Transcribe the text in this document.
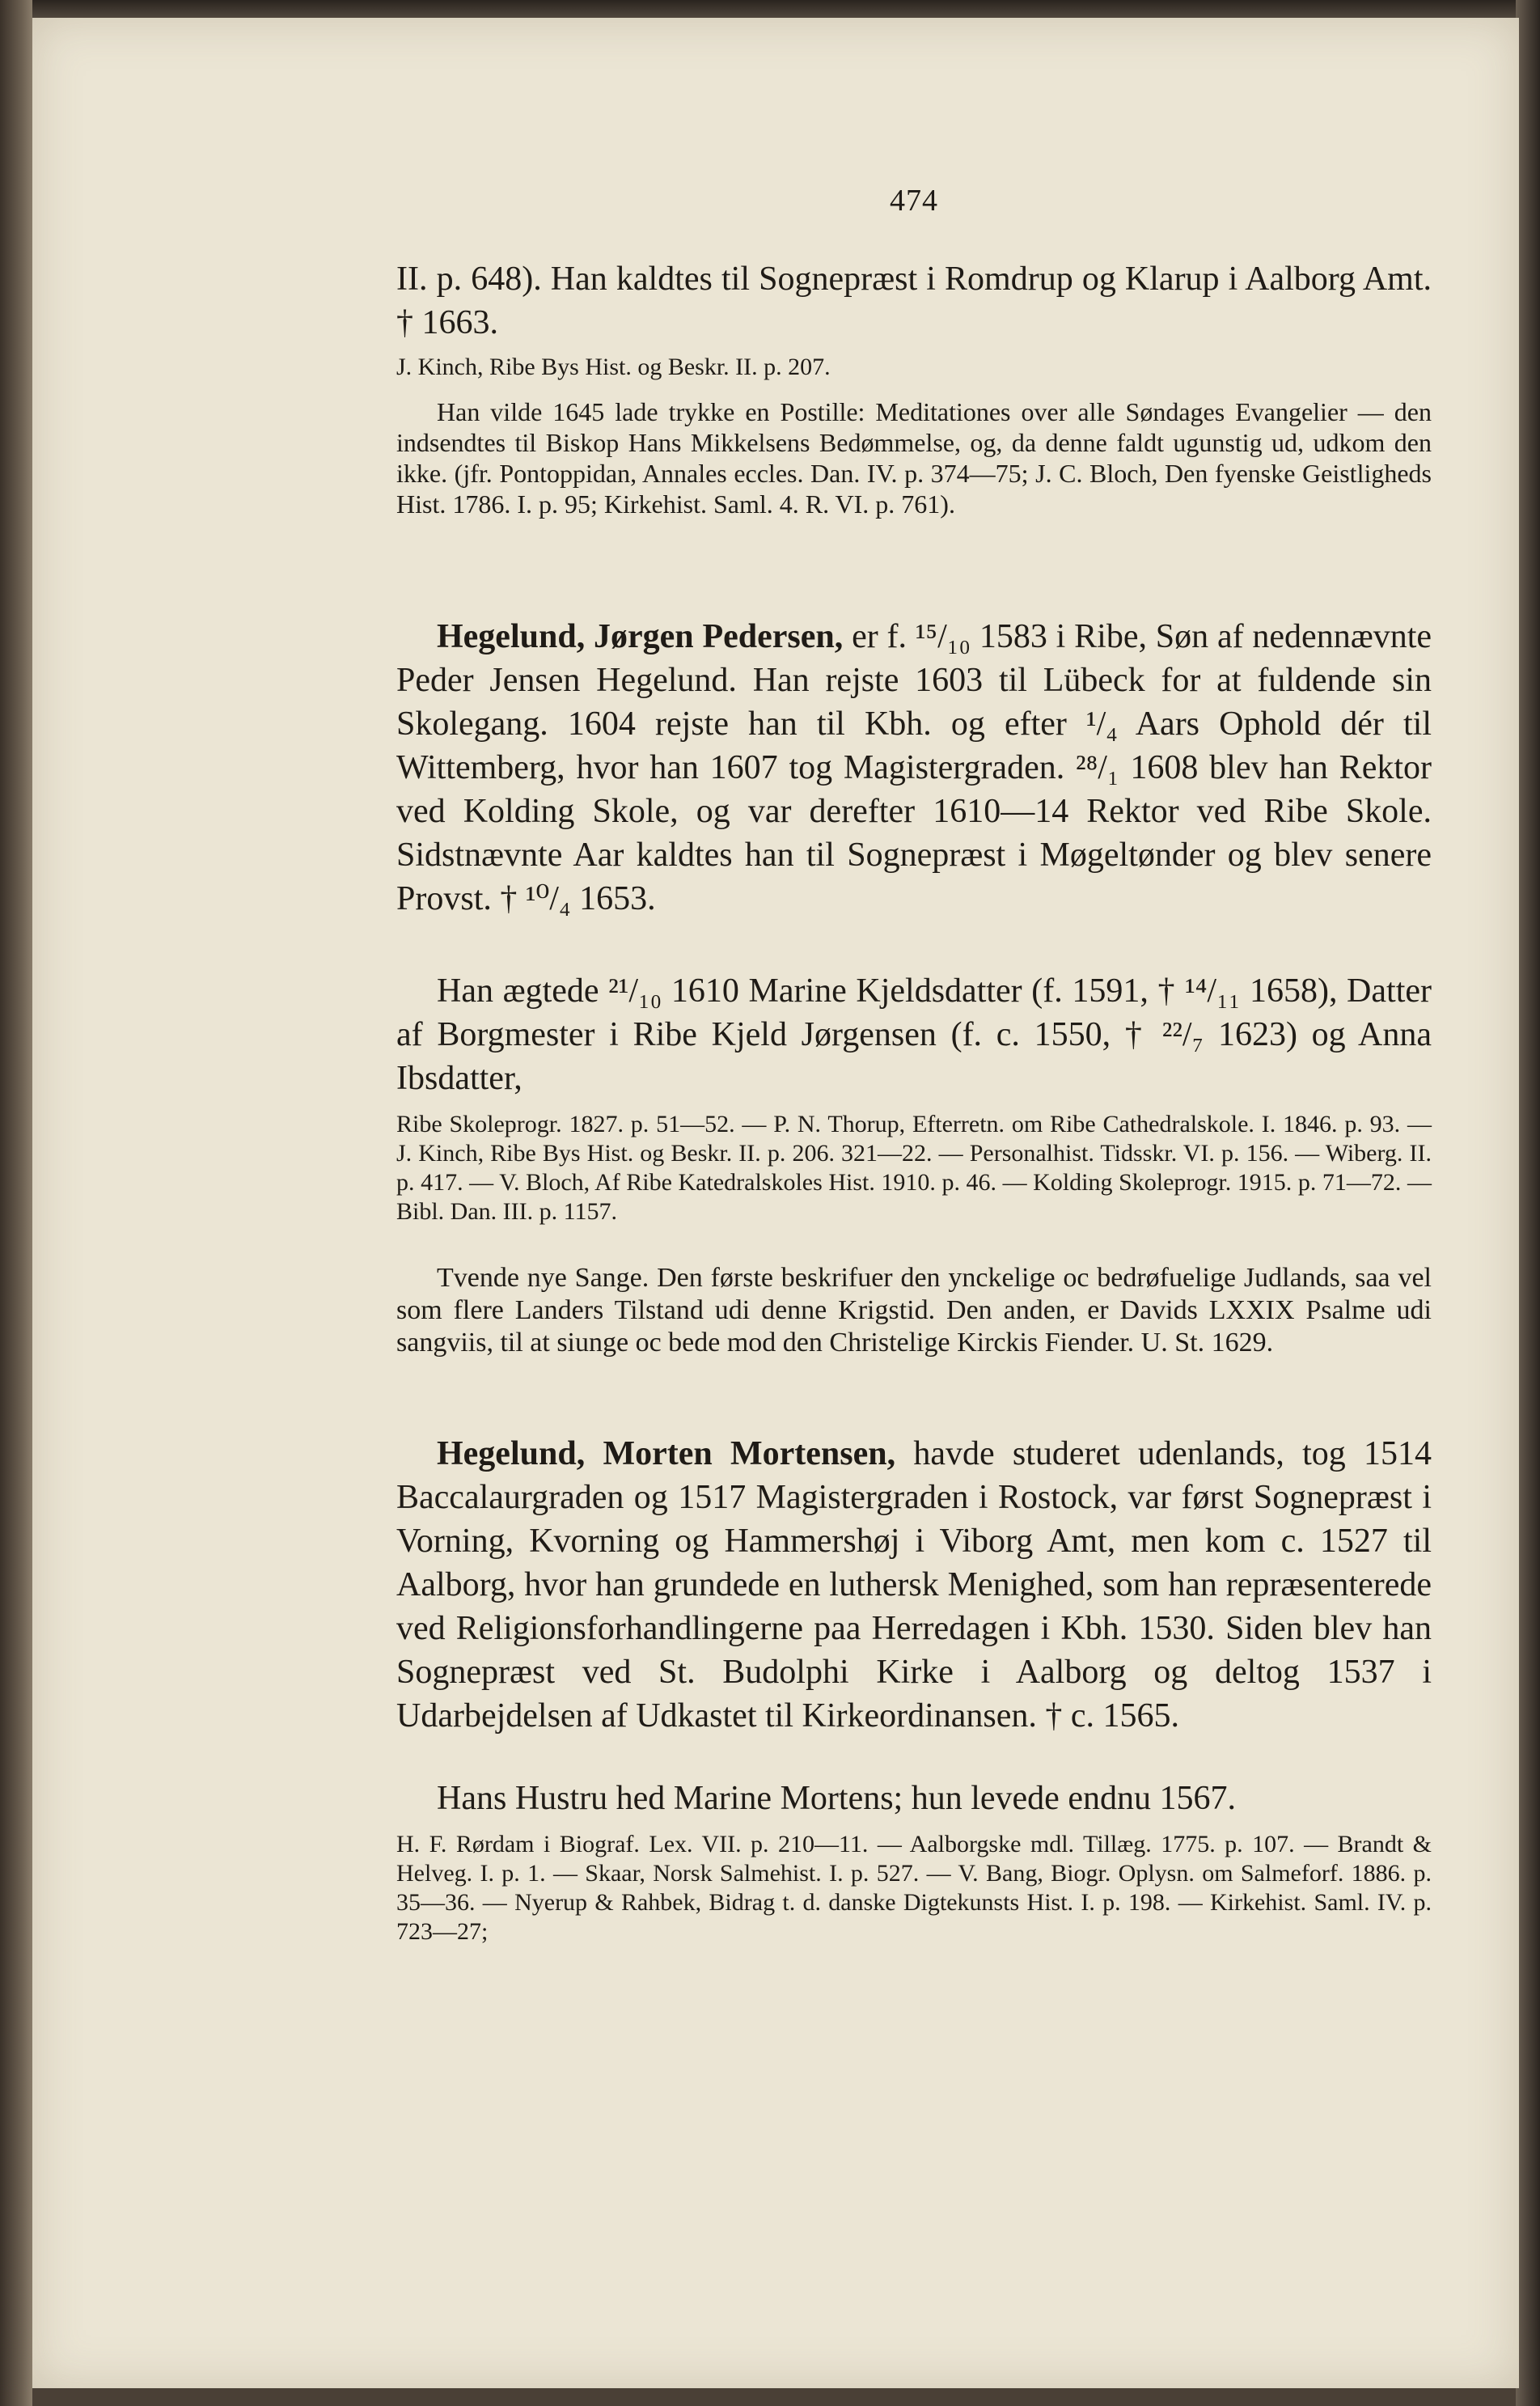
474

II. p. 648). Han kaldtes til Sognepræst i Romdrup og Klarup i Aalborg Amt. † 1663.

J. Kinch, Ribe Bys Hist. og Beskr. II. p. 207.

Han vilde 1645 lade trykke en Postille: Meditationes over alle Søndages Evangelier — den indsendtes til Biskop Hans Mikkelsens Bedømmelse, og, da denne faldt ugunstig ud, udkom den ikke. (jfr. Pontoppidan, Annales eccles. Dan. IV. p. 374—75; J. C. Bloch, Den fyenske Geistligheds Hist. 1786. I. p. 95; Kirkehist. Saml. 4. R. VI. p. 761).

Hegelund, Jørgen Pedersen, er f. ¹⁵/₁₀ 1583 i Ribe, Søn af nedennævnte Peder Jensen Hegelund. Han rejste 1603 til Lübeck for at fuldende sin Skolegang. 1604 rejste han til Kbh. og efter ¹/₄ Aars Ophold dér til Wittemberg, hvor han 1607 tog Magistergraden. ²⁸/₁ 1608 blev han Rektor ved Kolding Skole, og var derefter 1610—14 Rektor ved Ribe Skole. Sidstnævnte Aar kaldtes han til Sognepræst i Møgeltønder og blev senere Provst. † ¹⁰/₄ 1653.

Han ægtede ²¹/₁₀ 1610 Marine Kjeldsdatter (f. 1591, † ¹⁴/₁₁ 1658), Datter af Borgmester i Ribe Kjeld Jørgensen (f. c. 1550, † ²²/₇ 1623) og Anna Ibsdatter,

Ribe Skoleprogr. 1827. p. 51—52. — P. N. Thorup, Efterretn. om Ribe Cathedralskole. I. 1846. p. 93. — J. Kinch, Ribe Bys Hist. og Beskr. II. p. 206. 321—22. — Personalhist. Tidsskr. VI. p. 156. — Wiberg. II. p. 417. — V. Bloch, Af Ribe Katedralskoles Hist. 1910. p. 46. — Kolding Skoleprogr. 1915. p. 71—72. — Bibl. Dan. III. p. 1157.

Tvende nye Sange. Den første beskrifuer den ynckelige oc bedrøfuelige Judlands, saa vel som flere Landers Tilstand udi denne Krigstid. Den anden, er Davids LXXIX Psalme udi sangviis, til at siunge oc bede mod den Christelige Kirckis Fiender. U. St. 1629.

Hegelund, Morten Mortensen, havde studeret udenlands, tog 1514 Baccalaurgraden og 1517 Magistergraden i Rostock, var først Sognepræst i Vorning, Kvorning og Hammershøj i Viborg Amt, men kom c. 1527 til Aalborg, hvor han grundede en luthersk Menighed, som han repræsenterede ved Religionsforhandlingerne paa Herredagen i Kbh. 1530. Siden blev han Sognepræst ved St. Budolphi Kirke i Aalborg og deltog 1537 i Udarbejdelsen af Udkastet til Kirkeordinansen. † c. 1565.

Hans Hustru hed Marine Mortens; hun levede endnu 1567.

H. F. Rørdam i Biograf. Lex. VII. p. 210—11. — Aalborgske mdl. Tillæg. 1775. p. 107. — Brandt & Helveg. I. p. 1. — Skaar, Norsk Salmehist. I. p. 527. — V. Bang, Biogr. Oplysn. om Salmeforf. 1886. p. 35—36. — Nyerup & Rahbek, Bidrag t. d. danske Digtekunsts Hist. I. p. 198. — Kirkehist. Saml. IV. p. 723—27;
